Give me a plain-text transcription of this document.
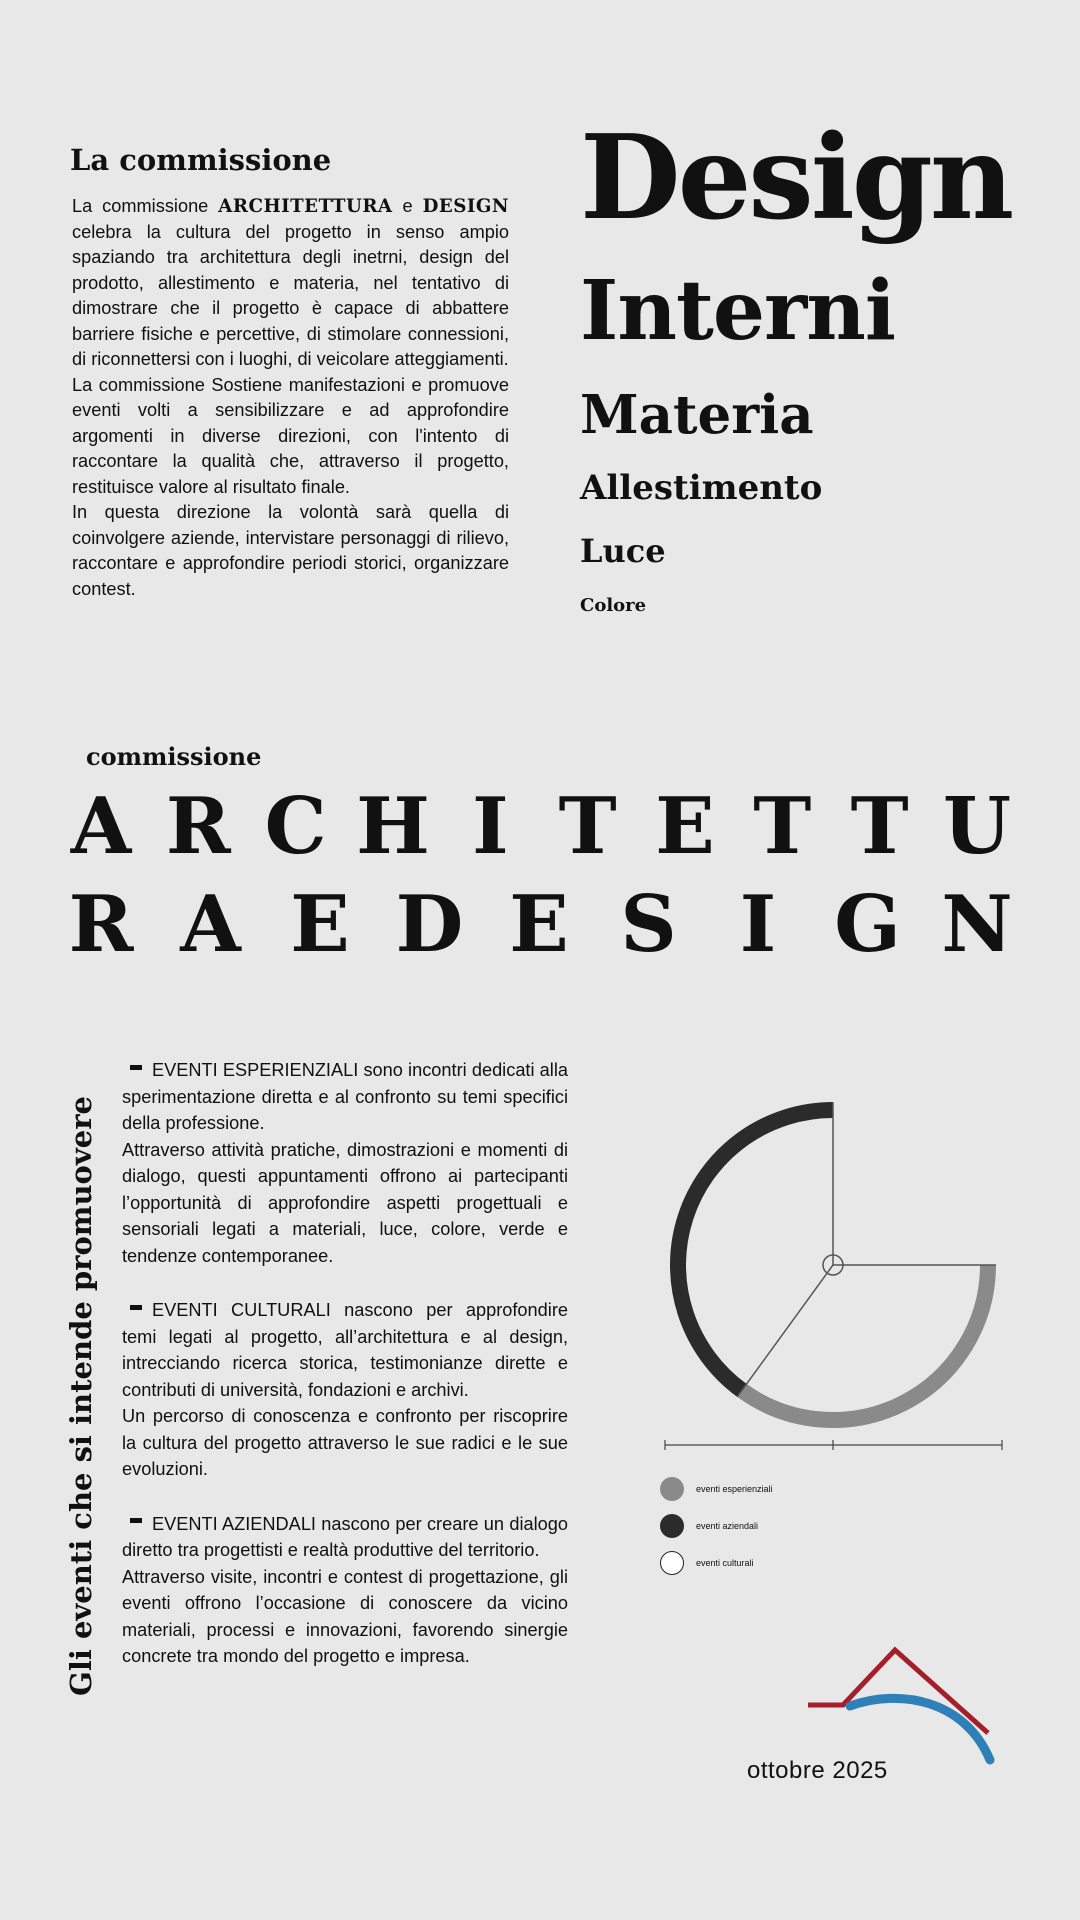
La commissione

La commissione ARCHITETTURA e DESIGN celebra la cultura del progetto in senso ampio spaziando tra architettura degli inetrni, design del prodotto, allestimento e materia, nel tentativo di dimostrare che il progetto è capace di abbattere barriere fisiche e percettive, di stimolare connessioni, di riconnettersi con i luoghi, di veicolare atteggiamenti.

La commissione Sostiene manifestazioni e promuove eventi volti a sensibilizzare e ad approfondire argomenti in diverse direzioni, con l'intento di raccontare la qualità che, attraverso il progetto, restituisce valore al risultato finale.

In questa direzione la volontà sarà quella di coinvolgere aziende, intervistare personaggi di rilievo, raccontare e approfondire periodi storici, organizzare contest.

Design
Interni
Materia
Allestimento
Luce
Colore
commissione
A R C H I T E T T U
R A E D E S I G N
Gli eventi che si intende promuovere

EVENTI ESPERIENZIALI sono incontri dedicati alla sperimentazione diretta e al confronto su temi specifici della professione.

Attraverso attività pratiche, dimostrazioni e momenti di dialogo, questi appuntamenti offrono ai partecipanti l’opportunità di approfondire aspetti progettuali e sensoriali legati a materiali, luce, colore, verde e tendenze contemporanee.

EVENTI CULTURALI nascono per approfondire temi legati al progetto, all’architettura e al design, intrecciando ricerca storica, testimonianze dirette e contributi di università, fondazioni e archivi.

Un percorso di conoscenza e confronto per riscoprire la cultura del progetto attraverso le sue radici e le sue evoluzioni.

EVENTI AZIENDALI nascono per creare un dialogo diretto tra progettisti e realtà produttive del territorio.

Attraverso visite, incontri e contest di progettazione, gli eventi offrono l’occasione di conoscere da vicino materiali, processi e innovazioni, favorendo sinergie concrete tra mondo del progetto e impresa.

eventi esperienziali
eventi aziendali
eventi culturali
ottobre 2025
